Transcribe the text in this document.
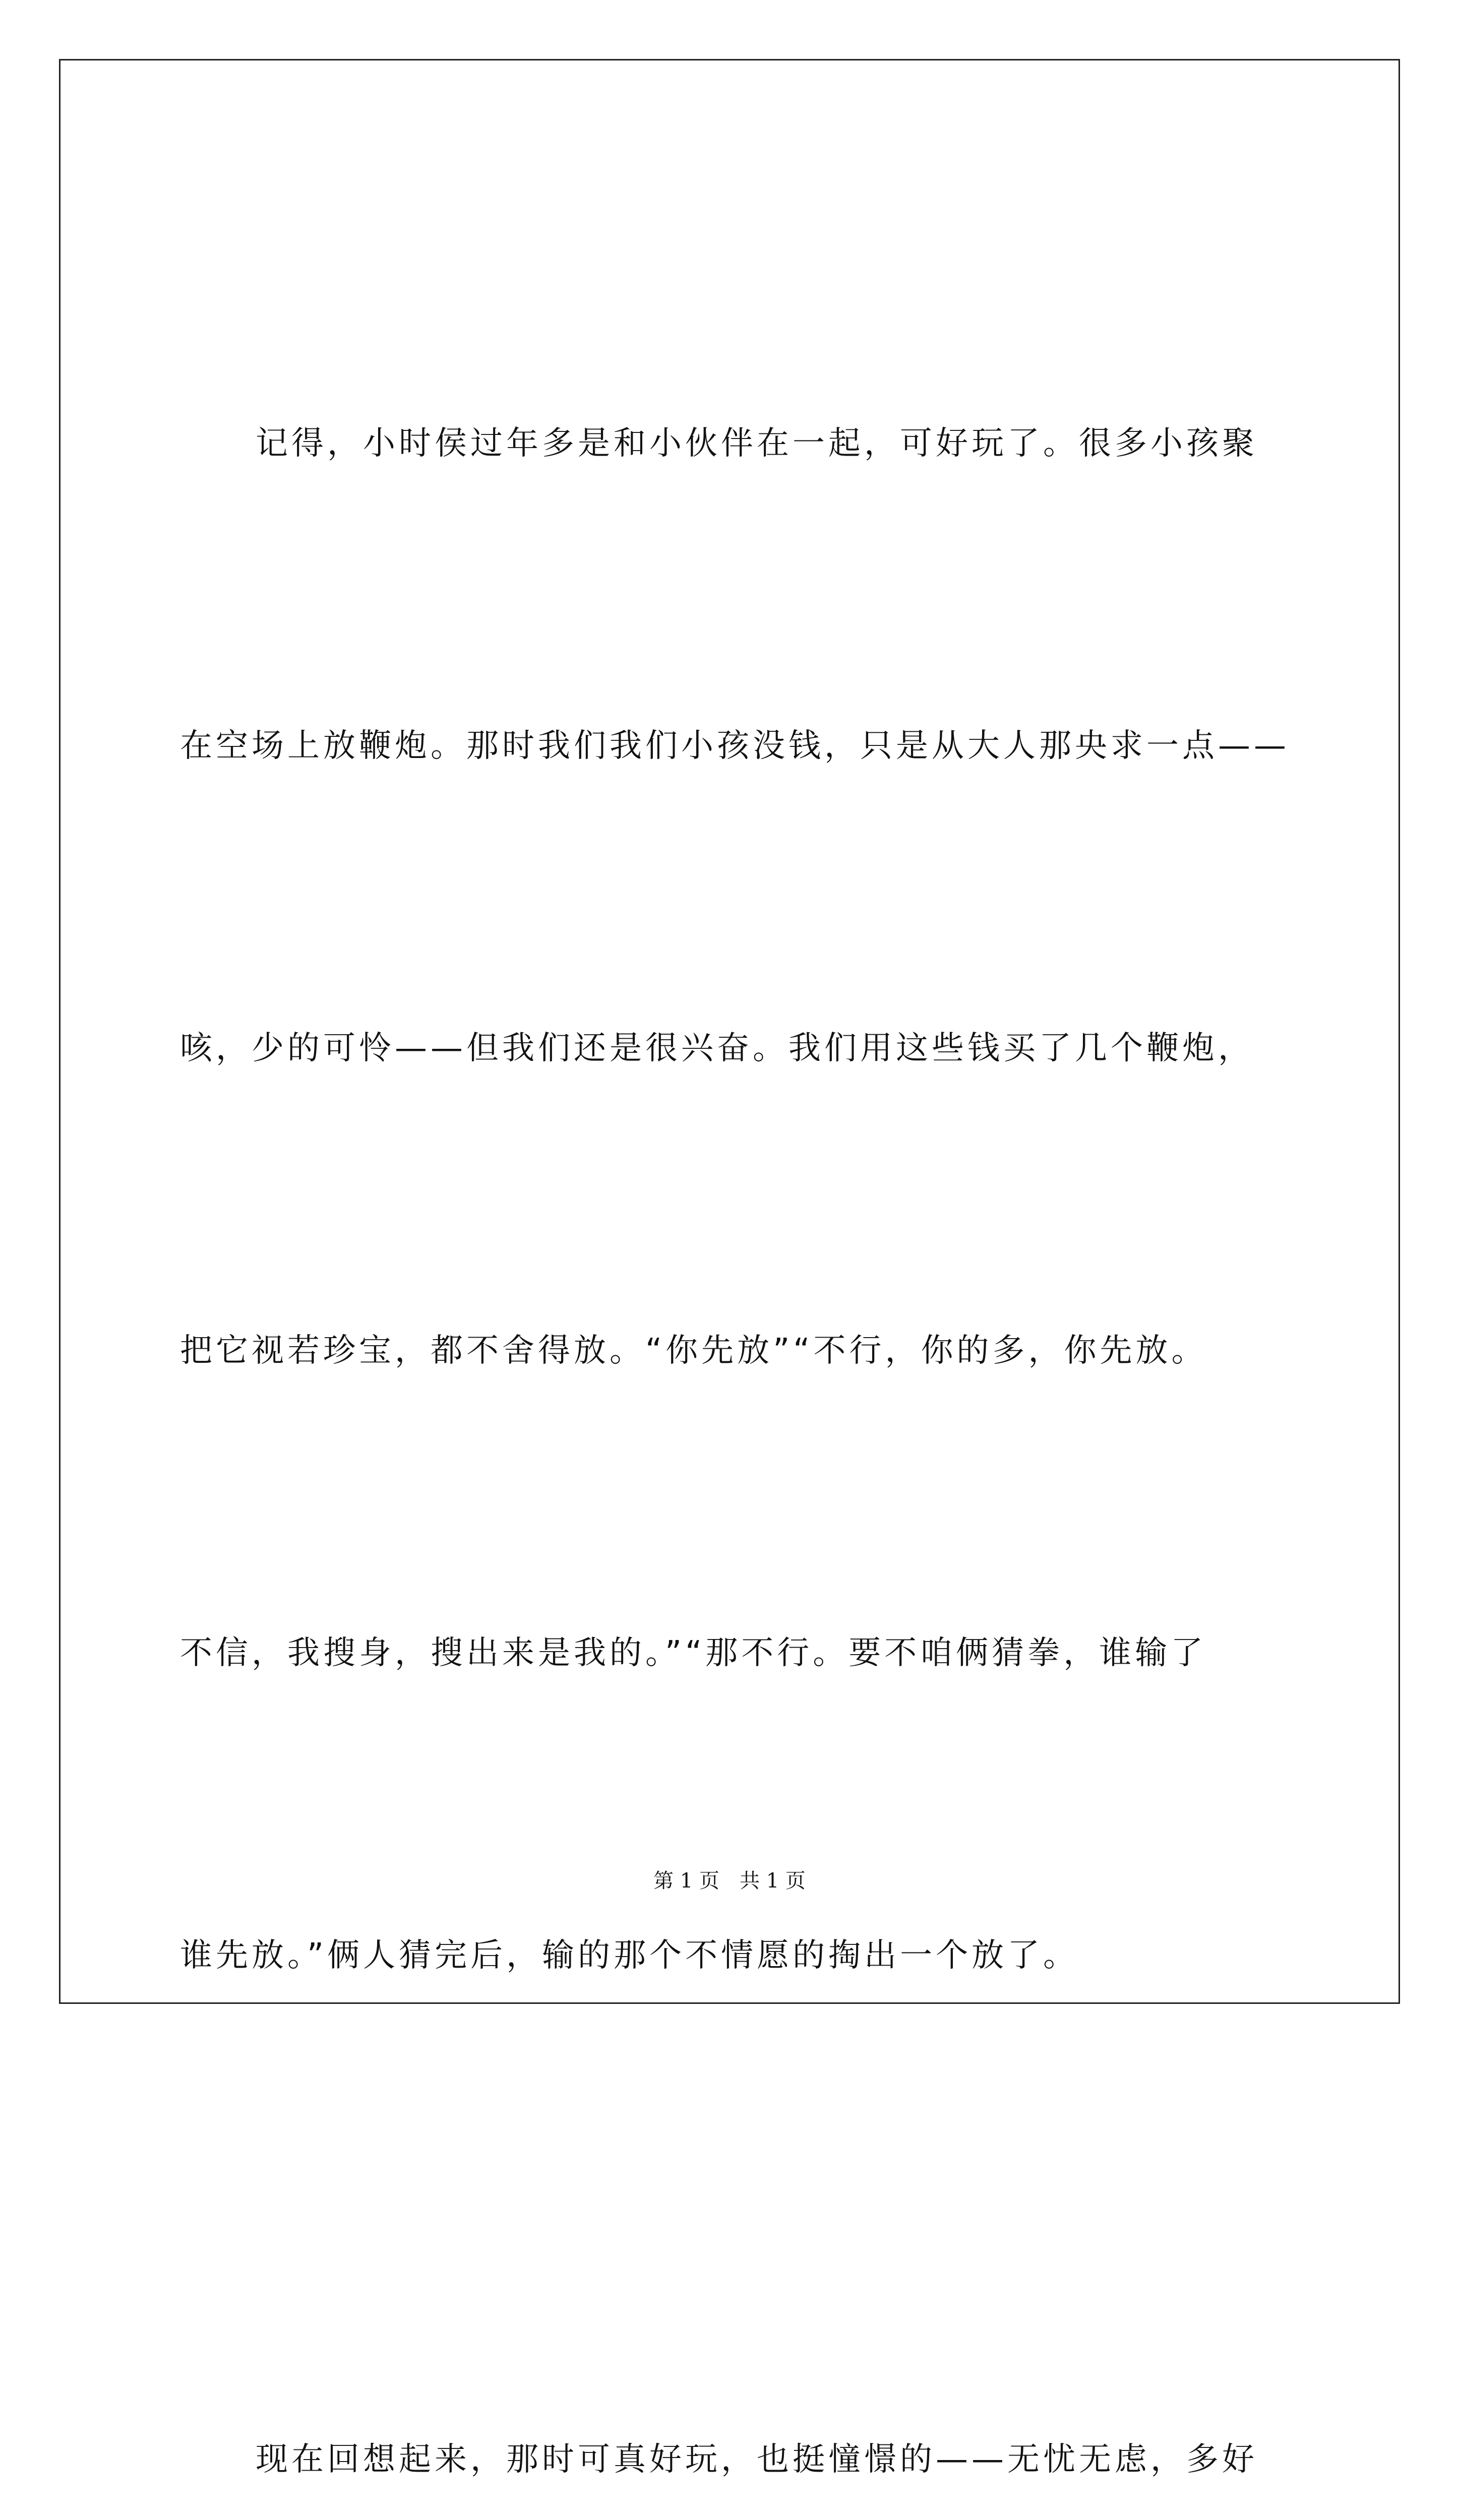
记得，小时侯过年多是和小伙伴在一起，可好玩了。很多小孩聚

在空场上放鞭炮。那时我们我们小孩没钱，只是从大人那央求一点——

咳，少的可怜——但我们还是很兴奋。我们用这些钱买了几个鞭炮，

把它视若珍宝，都不舍得放。“你先放”“不行，你的多，你先放。

不信，我搜身，搜出来是我的。”“那不行。要不咱俩猜拳，谁输了

谁先放。”俩人猜完后，输的那个不情愿的掏出一个放了。

现在回想起来，那时可真好玩，也挺憧憬的——无忧无虑，多好

第 1 页 共 1 页
